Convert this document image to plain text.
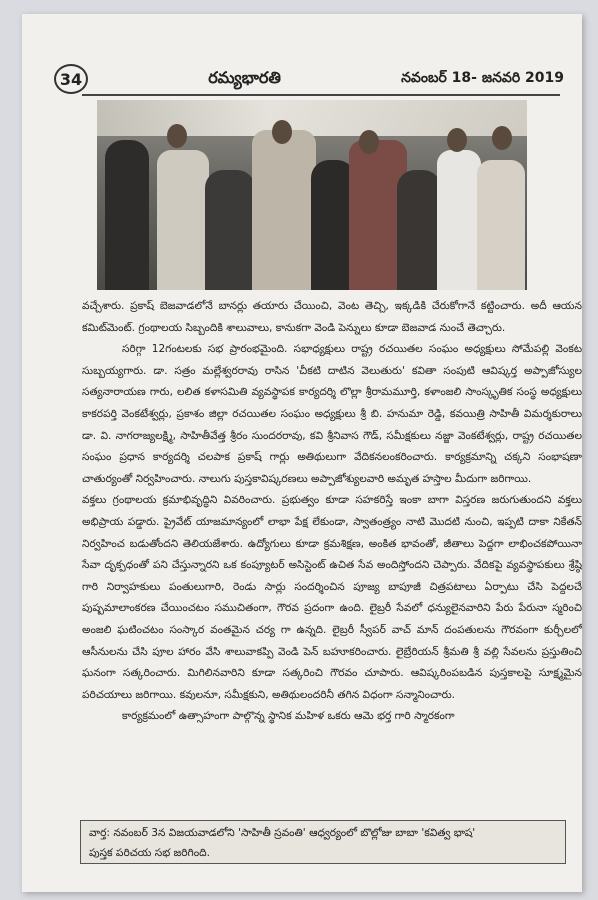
34	రమ్యభారతి	నవంబర్ 18- జనవరి 2019

వచ్చేశారు. ప్రకాష్ బెజవాడలోనే బానర్లు తయారు చేయించి, వెంట తెచ్చి, ఇక్కడికి చేరుకోగానే కట్టించారు. అదీ ఆయన కమిట్‌మెంట్. గ్రంథాలయ సిబ్బందికి శాలువాలు, కానుకగా వెండి పెన్నులు కూడా బెజవాడ నుంచే తెచ్చారు.

సరిగ్గా 12గంటలకు సభ ప్రారంభమైంది. సభాధ్యక్షులు రాష్ట్ర రచయితల సంఘం అధ్యక్షులు సోమేపల్లి వెంకట సుబ్బయ్యగారు. డా. సత్రం మల్లేశ్వరరావు రాసిన 'చీకటి దాటిన వెలుతురు' కవితా సంపుటి ఆవిష్కర్త అప్పాజోస్యుల సత్యనారాయణ గారు, లలిత కళాసమితి వ్యవస్థాపక కార్యదర్శి లొల్లా శ్రీరామమూర్తి, కళాంజలి సాంస్కృతిక సంస్థ అధ్యక్షులు కాకరపర్తి వెంకటేశ్వర్లు, ప్రకాశం జిల్లా రచయితల సంఘం అధ్యక్షులు శ్రీ బి. హనుమా రెడ్డి, కవయిత్రి సాహితీ విమర్శకురాలు డా. వి. నాగరాజ్యలక్ష్మి, సాహితీవేత్త శ్రీరం సుందరరావు, కవి శ్రీనివాస గౌడ్, సమీక్షకులు నజ్జా వెంకటేశ్వర్లు, రాష్ట్ర రచయితల సంఘం ప్రధాన కార్యదర్శి చలపాక ప్రకాష్ గార్లు అతిథులుగా వేదికనలంకరించారు. కార్యక్రమాన్ని చక్కని సంభాషణా చాతుర్యంతో నిర్వహించారు. నాలుగు పుస్తకావిష్కరణలు అప్పాజోశ్యులవారి అమృత హస్తాల మీదుగా జరిగాయి.

వక్తలు గ్రంథాలయ క్రమాభివృద్ధిని వివరించారు. ప్రభుత్వం కూడా సహకరిస్తే ఇంకా బాగా విస్తరణ జరుగుతుందని వక్తలు అభిప్రాయ పడ్డారు. ప్రైవేట్ యాజమాన్యంలో లాభా పేక్ష లేకుండా, స్వాతంత్ర్యం నాటి మొదటి నుంచి, ఇప్పటి దాకా నికేతన్ నిర్వహించ బడుతోందని తెలియజేశారు. ఉద్యోగులు కూడా క్రమశిక్షణ, అంకిత భావంతో, జీతాలు పెద్దగా లాభించకపోయినా సేవా దృక్పధంతో పని చేస్తున్నారని ఒక కంప్యూటర్ అసిస్టెంట్ ఉచిత సేవ అందిస్తోందని చెప్పారు. వేదికపై వ్యవస్థాపకులు శ్రేష్ఠి గారి నిర్వాహకులు పంతులుగారి, రెండు సార్లు సందర్శించిన పూజ్య బాపూజీ చిత్రపటాలు ఏర్పాటు చేసి పెద్దలచే పుష్పమాలాంకరణ చేయించటం సముచితంగా, గౌరవ ప్రదంగా ఉంది. లైబ్రరీ సేవలో ధన్యులైనవారిని పేరు పేరునా స్మరించి అంజలి ఘటించటం సంస్కార వంతమైన చర్య గా ఉన్నది. లైబ్రరీ స్వీపర్ వాచ్ మాన్ దంపతులను గౌరవంగా కుర్చీలలో ఆసీనులను చేసి పూల హారం వేసి శాలువాకప్పి వెండి పెన్ బహూకరించారు. లైబ్రేరియన్ శ్రీమతి శ్రీ వల్లి సేవలను ప్రస్తుతించి ఘనంగా సత్కరించారు. మిగిలినవారిని కూడా సత్కరించి గౌరవం చూపారు. ఆవిష్కరింపబడిన పుస్తకాలపై సూక్ష్మమైన పరిచయాలు జరిగాయి. కవులనూ, సమీక్షకుని, అతిథులందరినీ తగిన విధంగా సన్మానించారు.

కార్యక్రమంలో ఉత్సాహంగా పాల్గొన్న స్థానిక మహిళ ఒకరు ఆమె భర్త గారి స్మారకంగా

వార్త: నవంబర్ 3న విజయవాడలోని 'సాహితీ స్రవంతి' ఆధ్వర్యంలో బొల్లోజు బాబా 'కవిత్వ భాష'
పుస్తక పరిచయ సభ జరిగింది.
